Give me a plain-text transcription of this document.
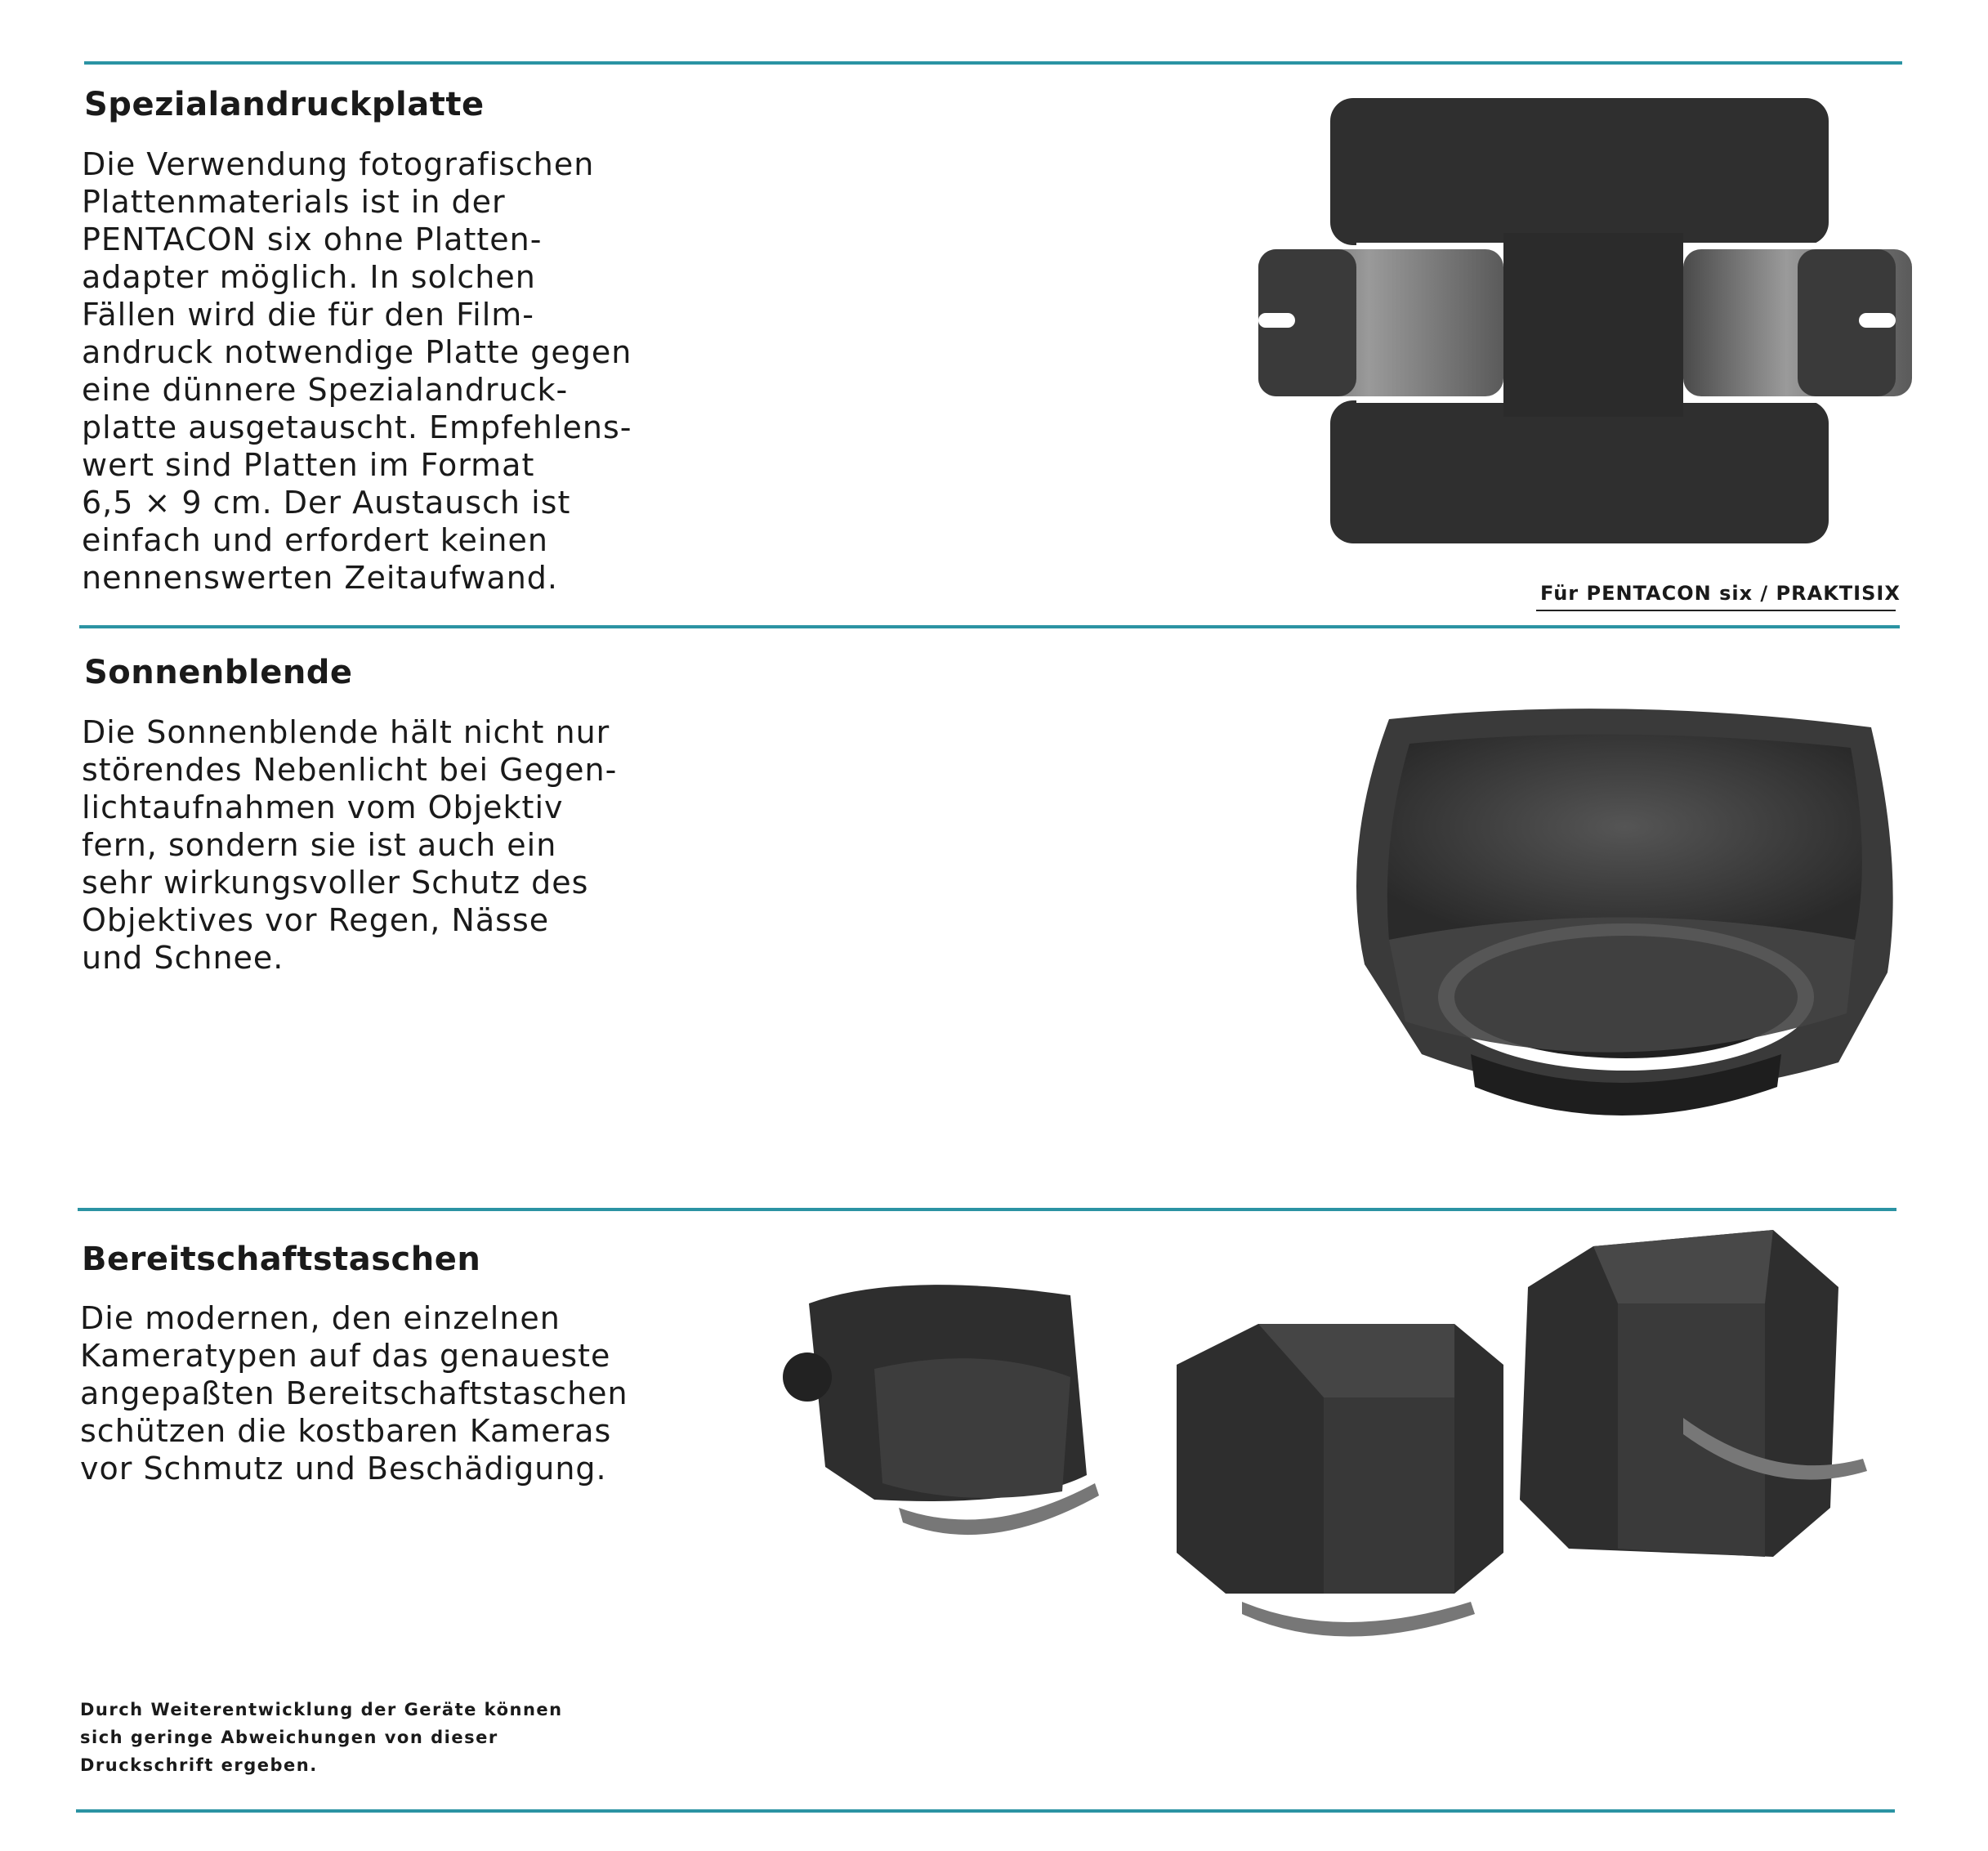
Spezialandruckplatte

Die Verwendung fotografischen
Plattenmaterials ist in der
PENTACON six ohne Platten-
adapter möglich. In solchen
Fällen wird die für den Film-
andruck notwendige Platte gegen
eine dünnere Spezialandruck-
platte ausgetauscht. Empfehlens-
wert sind Platten im Format
6,5 × 9 cm. Der Austausch ist
einfach und erfordert keinen
nennenswerten Zeitaufwand.	Für PENTACON six / PRAKTISIX
Sonnenblende

Die Sonnenblende hält nicht nur
störendes Nebenlicht bei Gegen-
lichtaufnahmen vom Objektiv
fern, sondern sie ist auch ein
sehr wirkungsvoller Schutz des
Objektives vor Regen, Nässe
und Schnee.

Bereitschaftstaschen

Die modernen, den einzelnen
Kameratypen auf das genaueste
angepaßten Bereitschaftstaschen
schützen die kostbaren Kameras
vor Schmutz und Beschädigung.

Durch Weiterentwicklung der Geräte können
sich geringe Abweichungen von dieser
Druckschrift ergeben.
